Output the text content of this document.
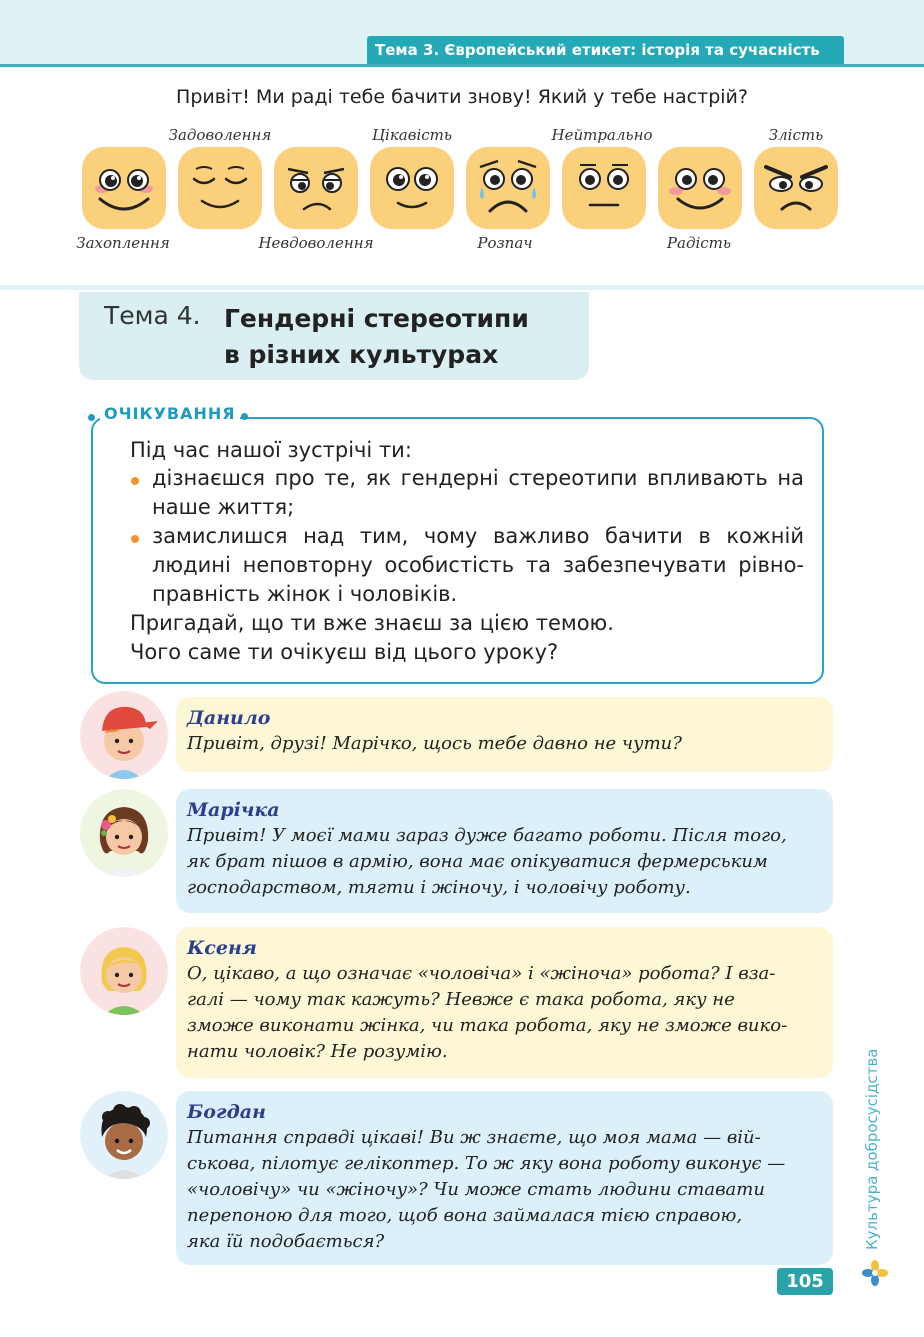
Тема 3. Європейський етикет: історія та сучасність
Привіт! Ми раді тебе бачити знову! Який у тебе настрій?
Задоволення	Цікавість	Нейтрально	Злість
Захоплення	Невдоволення	Розпач	Радість
Тема 4. Гендерні стереотипи
в різних культурах
ОЧІКУВАННЯ
Під час нашої зустрічі ти:
дізнаєшся про те, як гендерні стереотипи впливають на
наше життя;
замислишся над тим, чому важливо бачити в кожній
людині неповторну особистість та забезпечувати рівно-
правність жінок і чоловіків.
Пригадай, що ти вже знаєш за цією темою.
Чого саме ти очікуєш від цього уроку?
Данило
Привіт, друзі! Марічко, щось тебе давно не чути?
Марічка
Привіт! У моєї мами зараз дуже багато роботи. Після того,
як брат пішов в армію, вона має опікуватися фермерським
господарством, тягти і жіночу, і чоловічу роботу.
Ксеня
О, цікаво, а що означає «чоловіча» і «жіноча» робота? І вза-
галі — чому так кажуть? Невже є така робота, яку не
зможе виконати жінка, чи така робота, яку не зможе вико-
нати чоловік? Не розумію.
Богдан
Питання справді цікаві! Ви ж знаєте, що моя мама — вій-
ськова, пілотує гелікоптер. То ж яку вона роботу виконує —
«чоловічу» чи «жіночу»? Чи може стать людини ставати
перепоною для того, щоб вона займалася тією справою,
яка їй подобається?	Культура добросусідства
105
